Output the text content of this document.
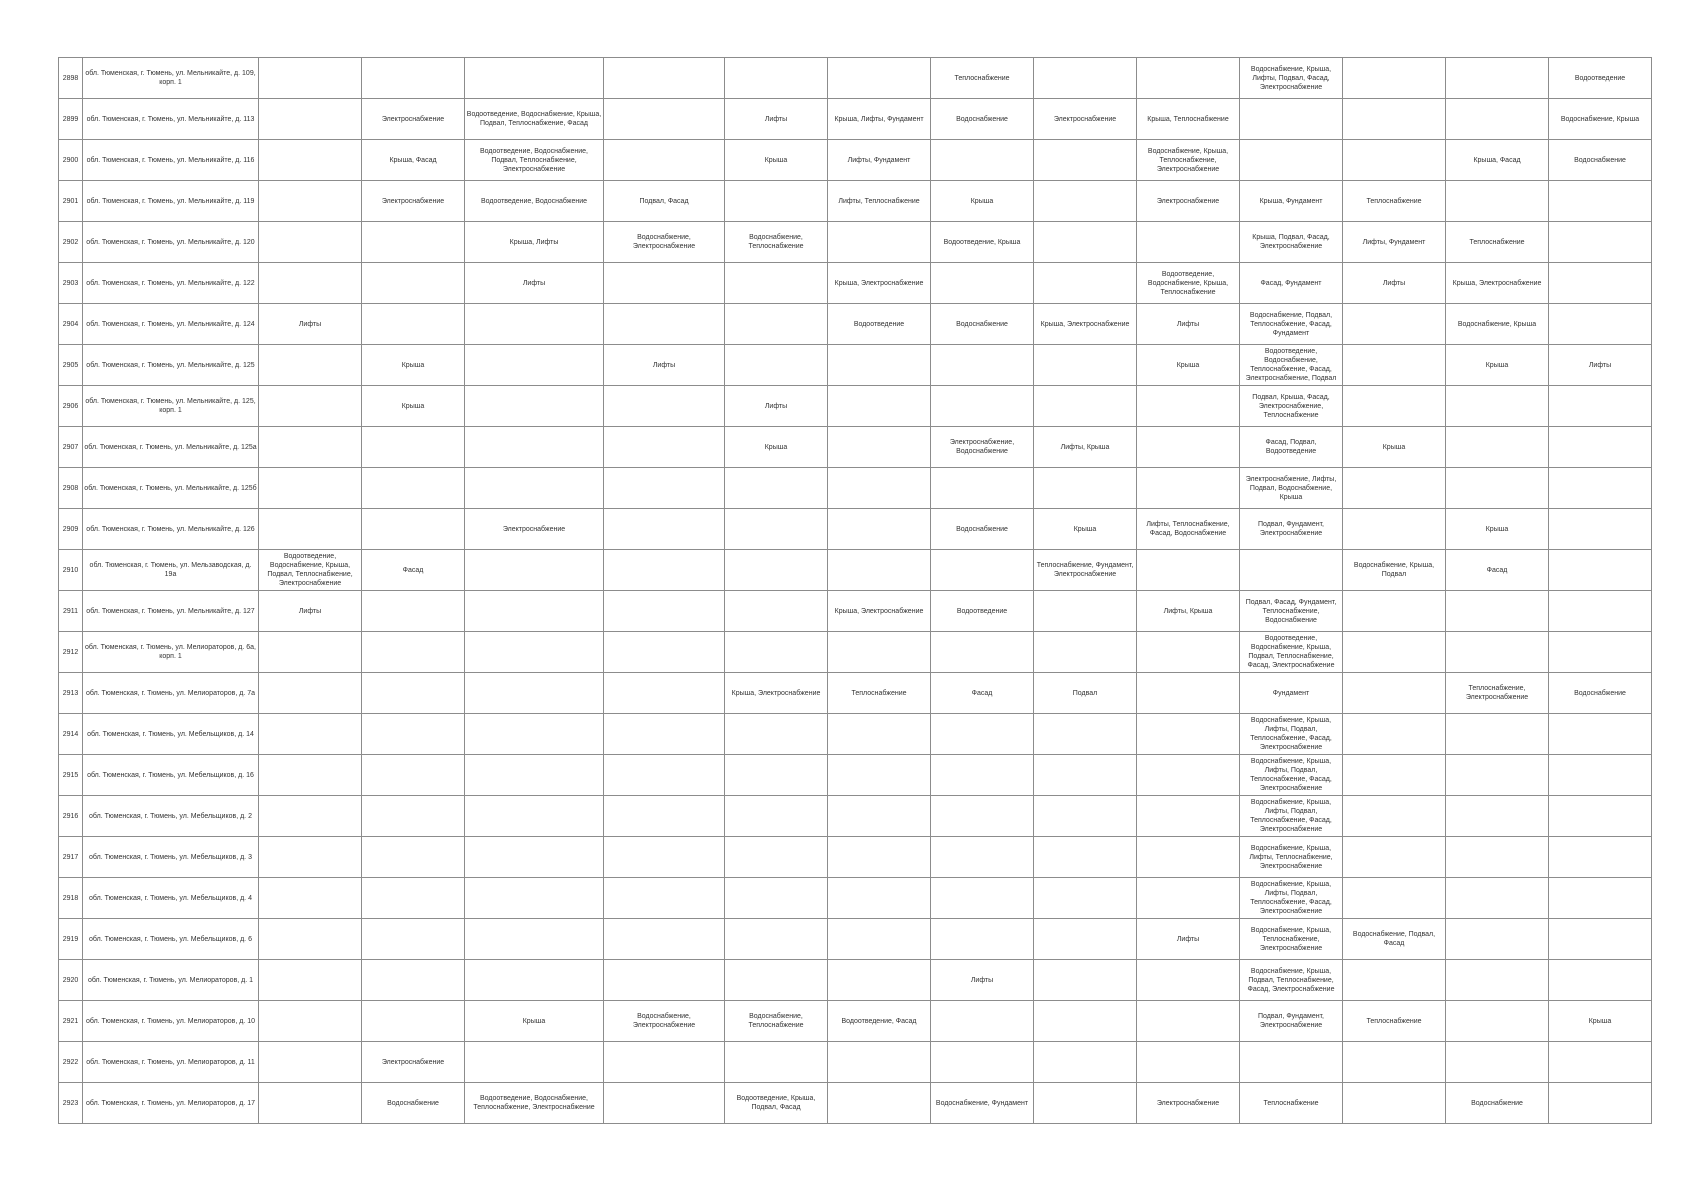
2898	обл. Тюменская, г. Тюмень, ул. Мельникайте, д. 109, корп. 1							Теплоснабжение			Водоснабжение, Крыша, Лифты, Подвал, Фасад, Электроснабжение			Водоотведение
2899	обл. Тюменская, г. Тюмень, ул. Мельникайте, д. 113		Электроснабжение	Водоотведение, Водоснабжение, Крыша, Подвал, Теплоснабжение, Фасад		Лифты	Крыша, Лифты, Фундамент	Водоснабжение	Электроснабжение	Крыша, Теплоснабжение				Водоснабжение, Крыша
2900	обл. Тюменская, г. Тюмень, ул. Мельникайте, д. 116		Крыша, Фасад	Водоотведение, Водоснабжение, Подвал, Теплоснабжение, Электроснабжение		Крыша	Лифты, Фундамент			Водоснабжение, Крыша, Теплоснабжение, Электроснабжение			Крыша, Фасад	Водоснабжение
2901	обл. Тюменская, г. Тюмень, ул. Мельникайте, д. 119		Электроснабжение	Водоотведение, Водоснабжение	Подвал, Фасад		Лифты, Теплоснабжение	Крыша		Электроснабжение	Крыша, Фундамент	Теплоснабжение		
2902	обл. Тюменская, г. Тюмень, ул. Мельникайте, д. 120			Крыша, Лифты	Водоснабжение, Электроснабжение	Водоснабжение, Теплоснабжение		Водоотведение, Крыша			Крыша, Подвал, Фасад, Электроснабжение	Лифты, Фундамент	Теплоснабжение	
2903	обл. Тюменская, г. Тюмень, ул. Мельникайте, д. 122			Лифты			Крыша, Электроснабжение			Водоотведение, Водоснабжение, Крыша, Теплоснабжение	Фасад, Фундамент	Лифты	Крыша, Электроснабжение	
2904	обл. Тюменская, г. Тюмень, ул. Мельникайте, д. 124	Лифты					Водоотведение	Водоснабжение	Крыша, Электроснабжение	Лифты	Водоснабжение, Подвал, Теплоснабжение, Фасад, Фундамент		Водоснабжение, Крыша	
2905	обл. Тюменская, г. Тюмень, ул. Мельникайте, д. 125		Крыша		Лифты					Крыша	Водоотведение, Водоснабжение, Теплоснабжение, Фасад, Электроснабжение, Подвал		Крыша	Лифты
2906	обл. Тюменская, г. Тюмень, ул. Мельникайте, д. 125, корп. 1		Крыша			Лифты					Подвал, Крыша, Фасад, Электроснабжение, Теплоснабжение			
2907	обл. Тюменская, г. Тюмень, ул. Мельникайте, д. 125а					Крыша		Электроснабжение, Водоснабжение	Лифты, Крыша		Фасад, Подвал, Водоотведение	Крыша		
2908	обл. Тюменская, г. Тюмень, ул. Мельникайте, д. 125б										Электроснабжение, Лифты, Подвал, Водоснабжение, Крыша			
2909	обл. Тюменская, г. Тюмень, ул. Мельникайте, д. 126			Электроснабжение				Водоснабжение	Крыша	Лифты, Теплоснабжение, Фасад, Водоснабжение	Подвал, Фундамент, Электроснабжение		Крыша	
2910	обл. Тюменская, г. Тюмень, ул. Мельзаводская, д. 19а	Водоотведение, Водоснабжение, Крыша, Подвал, Теплоснабжение, Электроснабжение	Фасад						Теплоснабжение, Фундамент, Электроснабжение			Водоснабжение, Крыша, Подвал	Фасад	
2911	обл. Тюменская, г. Тюмень, ул. Мельникайте, д. 127	Лифты					Крыша, Электроснабжение	Водоотведение		Лифты, Крыша	Подвал, Фасад, Фундамент, Теплоснабжение, Водоснабжение			
2912	обл. Тюменская, г. Тюмень, ул. Мелиораторов, д. 6а, корп. 1										Водоотведение, Водоснабжение, Крыша, Подвал, Теплоснабжение, Фасад, Электроснабжение			
2913	обл. Тюменская, г. Тюмень, ул. Мелиораторов, д. 7а					Крыша, Электроснабжение	Теплоснабжение	Фасад	Подвал		Фундамент		Теплоснабжение, Электроснабжение	Водоснабжение
2914	обл. Тюменская, г. Тюмень, ул. Мебельщиков, д. 14										Водоснабжение, Крыша, Лифты, Подвал, Теплоснабжение, Фасад, Электроснабжение			
2915	обл. Тюменская, г. Тюмень, ул. Мебельщиков, д. 16										Водоснабжение, Крыша, Лифты, Подвал, Теплоснабжение, Фасад, Электроснабжение			
2916	обл. Тюменская, г. Тюмень, ул. Мебельщиков, д. 2										Водоснабжение, Крыша, Лифты, Подвал, Теплоснабжение, Фасад, Электроснабжение			
2917	обл. Тюменская, г. Тюмень, ул. Мебельщиков, д. 3										Водоснабжение, Крыша, Лифты, Теплоснабжение, Электроснабжение			
2918	обл. Тюменская, г. Тюмень, ул. Мебельщиков, д. 4										Водоснабжение, Крыша, Лифты, Подвал, Теплоснабжение, Фасад, Электроснабжение			
2919	обл. Тюменская, г. Тюмень, ул. Мебельщиков, д. 6									Лифты	Водоснабжение, Крыша, Теплоснабжение, Электроснабжение	Водоснабжение, Подвал, Фасад		
2920	обл. Тюменская, г. Тюмень, ул. Мелиораторов, д. 1							Лифты			Водоснабжение, Крыша, Подвал, Теплоснабжение, Фасад, Электроснабжение			
2921	обл. Тюменская, г. Тюмень, ул. Мелиораторов, д. 10			Крыша	Водоснабжение, Электроснабжение	Водоснабжение, Теплоснабжение	Водоотведение, Фасад				Подвал, Фундамент, Электроснабжение	Теплоснабжение		Крыша
2922	обл. Тюменская, г. Тюмень, ул. Мелиораторов, д. 11		Электроснабжение											
2923	обл. Тюменская, г. Тюмень, ул. Мелиораторов, д. 17		Водоснабжение	Водоотведение, Водоснабжение, Теплоснабжение, Электроснабжение		Водоотведение, Крыша, Подвал, Фасад		Водоснабжение, Фундамент		Электроснабжение	Теплоснабжение		Водоснабжение	
